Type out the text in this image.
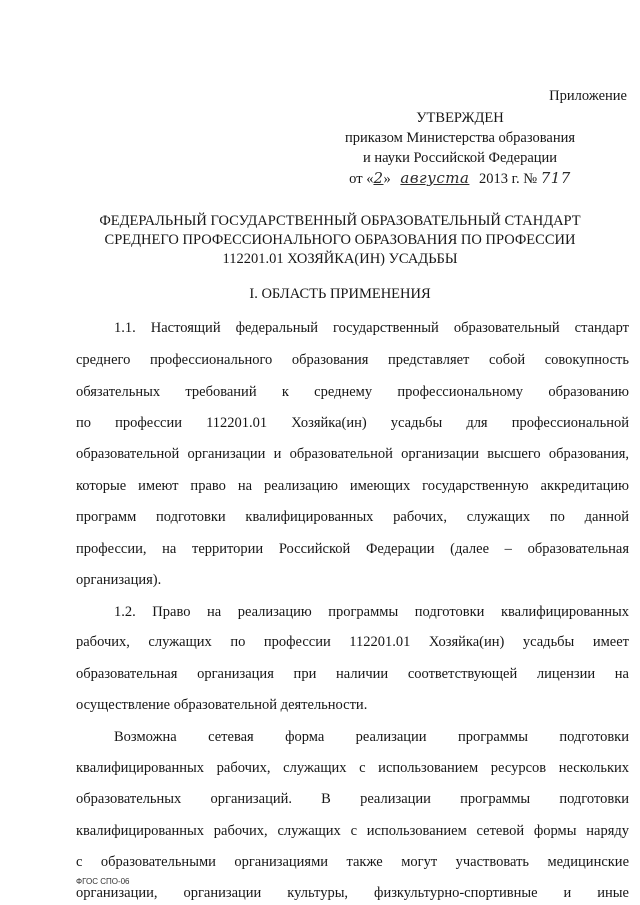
Приложение
УТВЕРЖДЕН
приказом Министерства образования
и науки Российской Федерации
от «2» августа 2013 г. № 717
ФЕДЕРАЛЬНЫЙ ГОСУДАРСТВЕННЫЙ ОБРАЗОВАТЕЛЬНЫЙ СТАНДАРТ
СРЕДНЕГО ПРОФЕССИОНАЛЬНОГО ОБРАЗОВАНИЯ ПО ПРОФЕССИИ
112201.01 ХОЗЯЙКА(ИН) УСАДЬБЫ
I. ОБЛАСТЬ ПРИМЕНЕНИЯ
1.1. Настоящий федеральный государственный образовательный стандарт
среднего профессионального образования представляет собой совокупность
обязательных требований к среднему профессиональному образованию
по профессии 112201.01 Хозяйка(ин) усадьбы для профессиональной
образовательной организации и образовательной организации высшего образования,
которые имеют право на реализацию имеющих государственную аккредитацию
программ подготовки квалифицированных рабочих, служащих по данной
профессии, на территории Российской Федерации (далее – образовательная
организация).
1.2. Право на реализацию программы подготовки квалифицированных
рабочих, служащих по профессии 112201.01 Хозяйка(ин) усадьбы имеет
образовательная организация при наличии соответствующей лицензии на
осуществление образовательной деятельности.
Возможна сетевая форма реализации программы подготовки
квалифицированных рабочих, служащих с использованием ресурсов нескольких
образовательных организаций. В реализации программы подготовки
квалифицированных рабочих, служащих с использованием сетевой формы наряду
с образовательными организациями также могут участвовать медицинские
организации, организации культуры, физкультурно-спортивные и иные
ФГОС СПО-06
